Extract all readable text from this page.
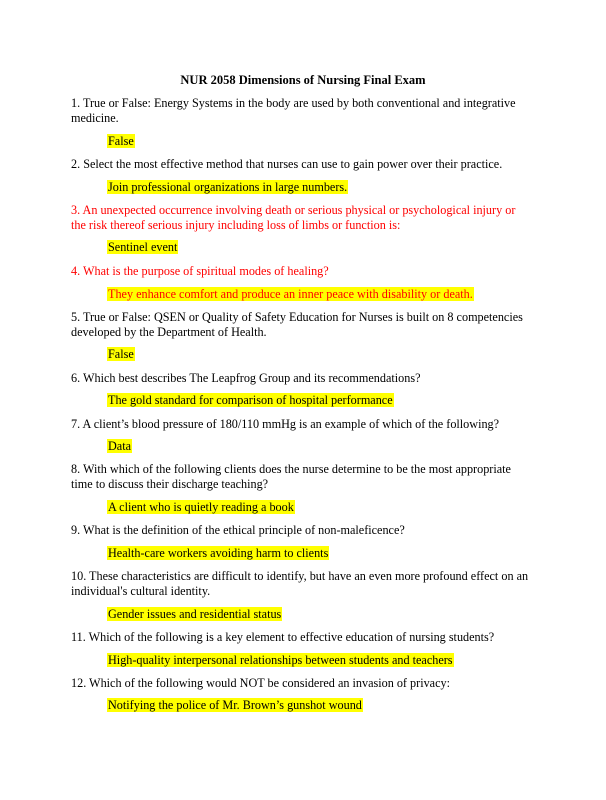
NUR 2058 Dimensions of Nursing Final Exam
1. True or False: Energy Systems in the body are used by both conventional and integrative medicine.
False
2. Select the most effective method that nurses can use to gain power over their practice.
Join professional organizations in large numbers.
3. An unexpected occurrence involving death or serious physical or psychological injury or the risk thereof serious injury including loss of limbs or function is:
Sentinel event
4. What is the purpose of spiritual modes of healing?
They enhance comfort and produce an inner peace with disability or death.
5. True or False: QSEN or Quality of Safety Education for Nurses is built on 8 competencies developed by the Department of Health.
False
6. Which best describes The Leapfrog Group and its recommendations?
The gold standard for comparison of hospital performance
7. A client’s blood pressure of 180/110 mmHg is an example of which of the following?
Data
8. With which of the following clients does the nurse determine to be the most appropriate time to discuss their discharge teaching?
A client who is quietly reading a book
9. What is the definition of the ethical principle of non-maleficence?
Health-care workers avoiding harm to clients
10. These characteristics are difficult to identify, but have an even more profound effect on an individual's cultural identity.
Gender issues and residential status
11. Which of the following is a key element to effective education of nursing students?
High-quality interpersonal relationships between students and teachers
12. Which of the following would NOT be considered an invasion of privacy:
Notifying the police of Mr. Brown’s gunshot wound
